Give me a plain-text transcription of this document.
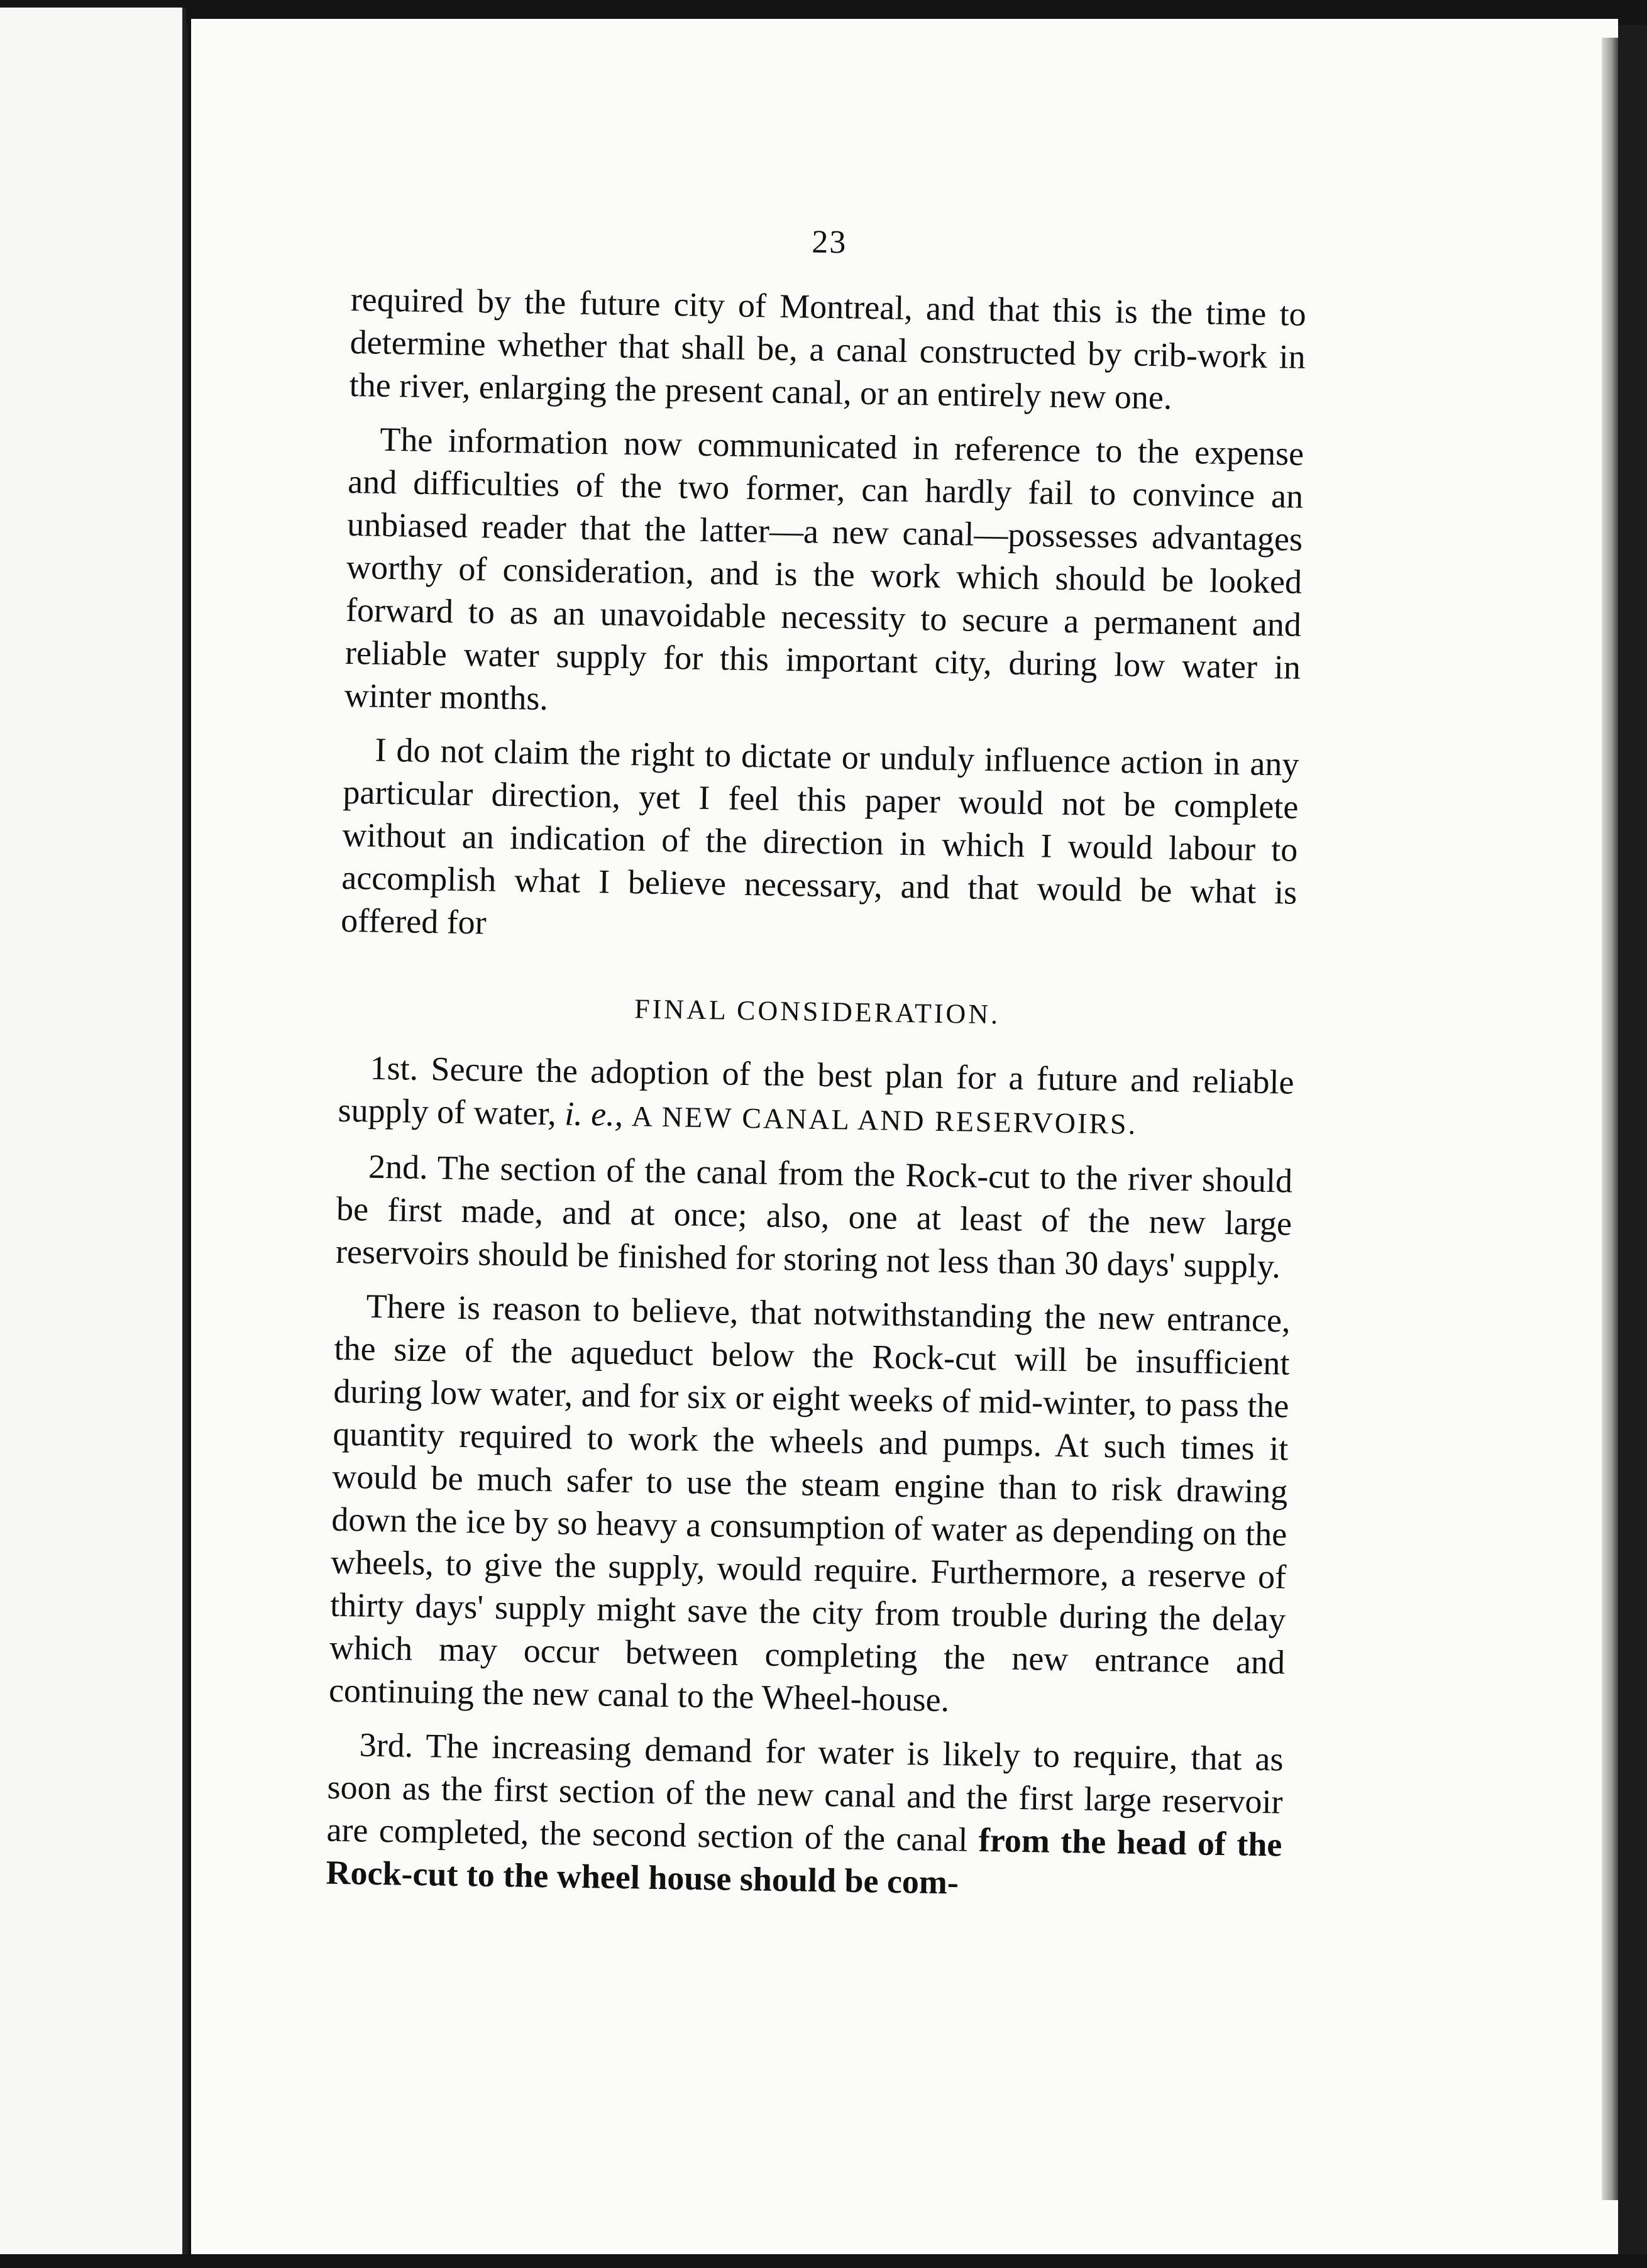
23

required by the future city of Montreal, and that this is the time to determine whether that shall be, a canal constructed by crib-work in the river, enlarging the present canal, or an entirely new one.

The information now communicated in reference to the expense and difficulties of the two former, can hardly fail to convince an unbiased reader that the latter—a new canal—possesses advantages worthy of consideration, and is the work which should be looked forward to as an unavoidable necessity to secure a permanent and reliable water supply for this important city, during low water in winter months.

I do not claim the right to dictate or unduly influence action in any particular direction, yet I feel this paper would not be complete without an indication of the direction in which I would labour to accomplish what I believe necessary, and that would be what is offered for

FINAL CONSIDERATION.

1st. Secure the adoption of the best plan for a future and reliable supply of water, i. e., A NEW CANAL AND RESERVOIRS.

2nd. The section of the canal from the Rock-cut to the river should be first made, and at once; also, one at least of the new large reservoirs should be finished for storing not less than 30 days' supply.

There is reason to believe, that notwithstanding the new entrance, the size of the aqueduct below the Rock-cut will be insufficient during low water, and for six or eight weeks of mid-winter, to pass the quantity required to work the wheels and pumps. At such times it would be much safer to use the steam engine than to risk drawing down the ice by so heavy a consumption of water as depending on the wheels, to give the supply, would require. Furthermore, a reserve of thirty days' supply might save the city from trouble during the delay which may occur between completing the new entrance and continuing the new canal to the Wheel-house.

3rd. The increasing demand for water is likely to require, that as soon as the first section of the new canal and the first large reservoir are completed, the second section of the canal from the head of the Rock-cut to the wheel house should be com-
